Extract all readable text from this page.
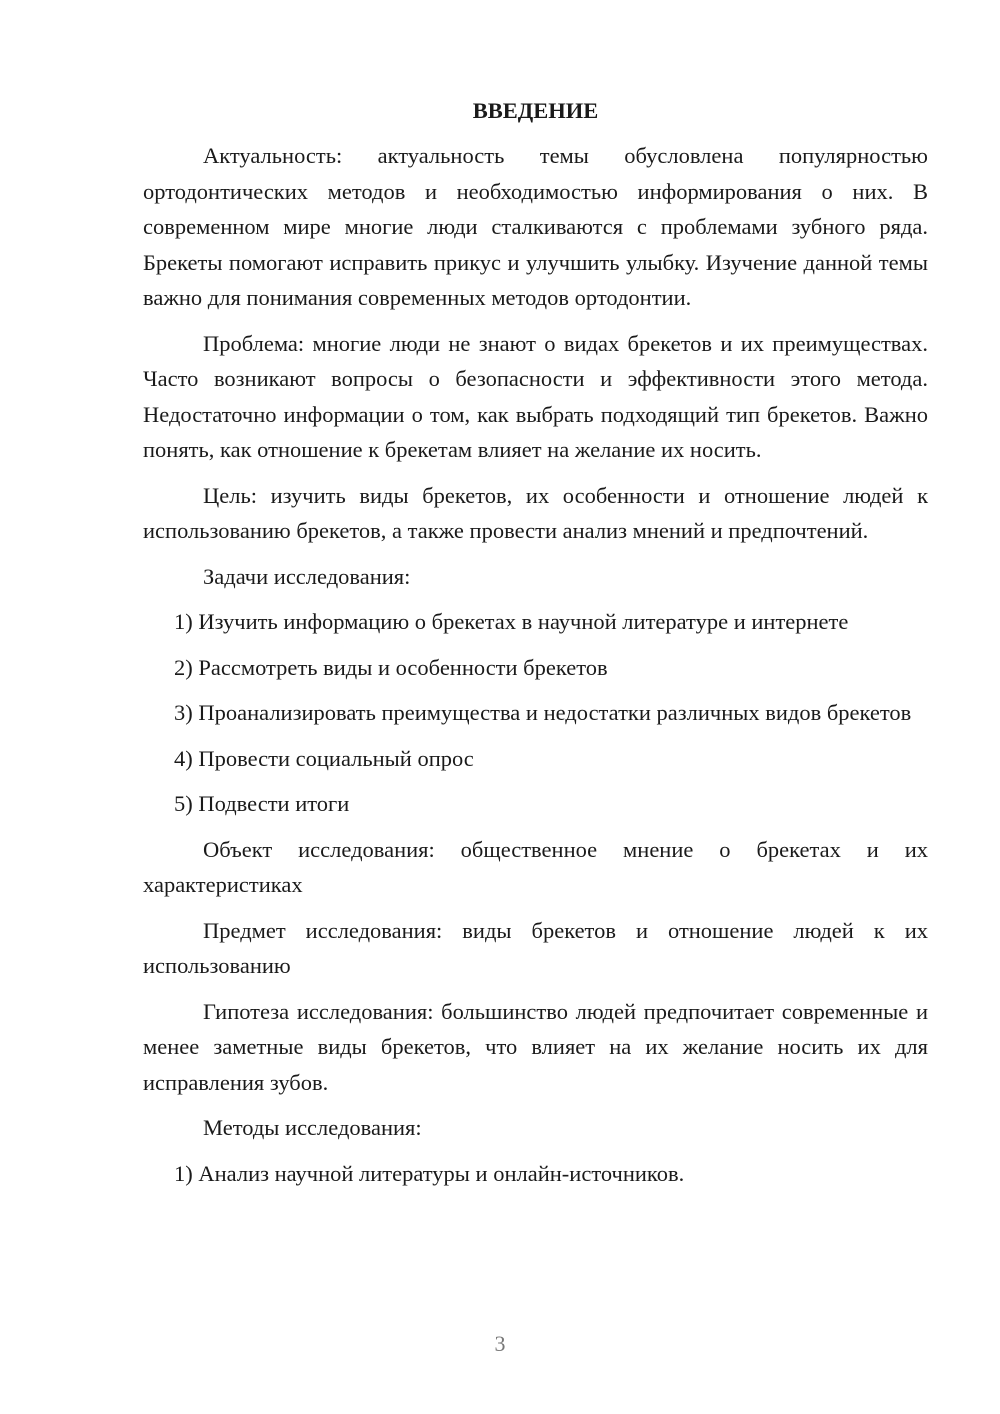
ВВЕДЕНИЕ

Актуальность: актуальность темы обусловлена популярностью ортодонтических методов и необходимостью информирования о них. В современном мире многие люди сталкиваются с проблемами зубного ряда. Брекеты помогают исправить прикус и улучшить улыбку. Изучение данной темы важно для понимания современных методов ортодонтии.

Проблема: многие люди не знают о видах брекетов и их преимуществах. Часто возникают вопросы о безопасности и эффективности этого метода. Недостаточно информации о том, как выбрать подходящий тип брекетов. Важно понять, как отношение к брекетам влияет на желание их носить.

Цель: изучить виды брекетов, их особенности и отношение людей к использованию брекетов, а также провести анализ мнений и предпочтений.

Задачи исследования:

1) Изучить информацию о брекетах в научной литературе и интернете

2) Рассмотреть виды и особенности брекетов

3) Проанализировать преимущества и недостатки различных видов брекетов

4) Провести социальный опрос

5) Подвести итоги

Объект исследования: общественное мнение о брекетах и их характеристиках

Предмет исследования: виды брекетов и отношение людей к их использованию

Гипотеза исследования: большинство людей предпочитает современные и менее заметные виды брекетов, что влияет на их желание носить их для исправления зубов.

Методы исследования:

1) Анализ научной литературы и онлайн-источников.

3
